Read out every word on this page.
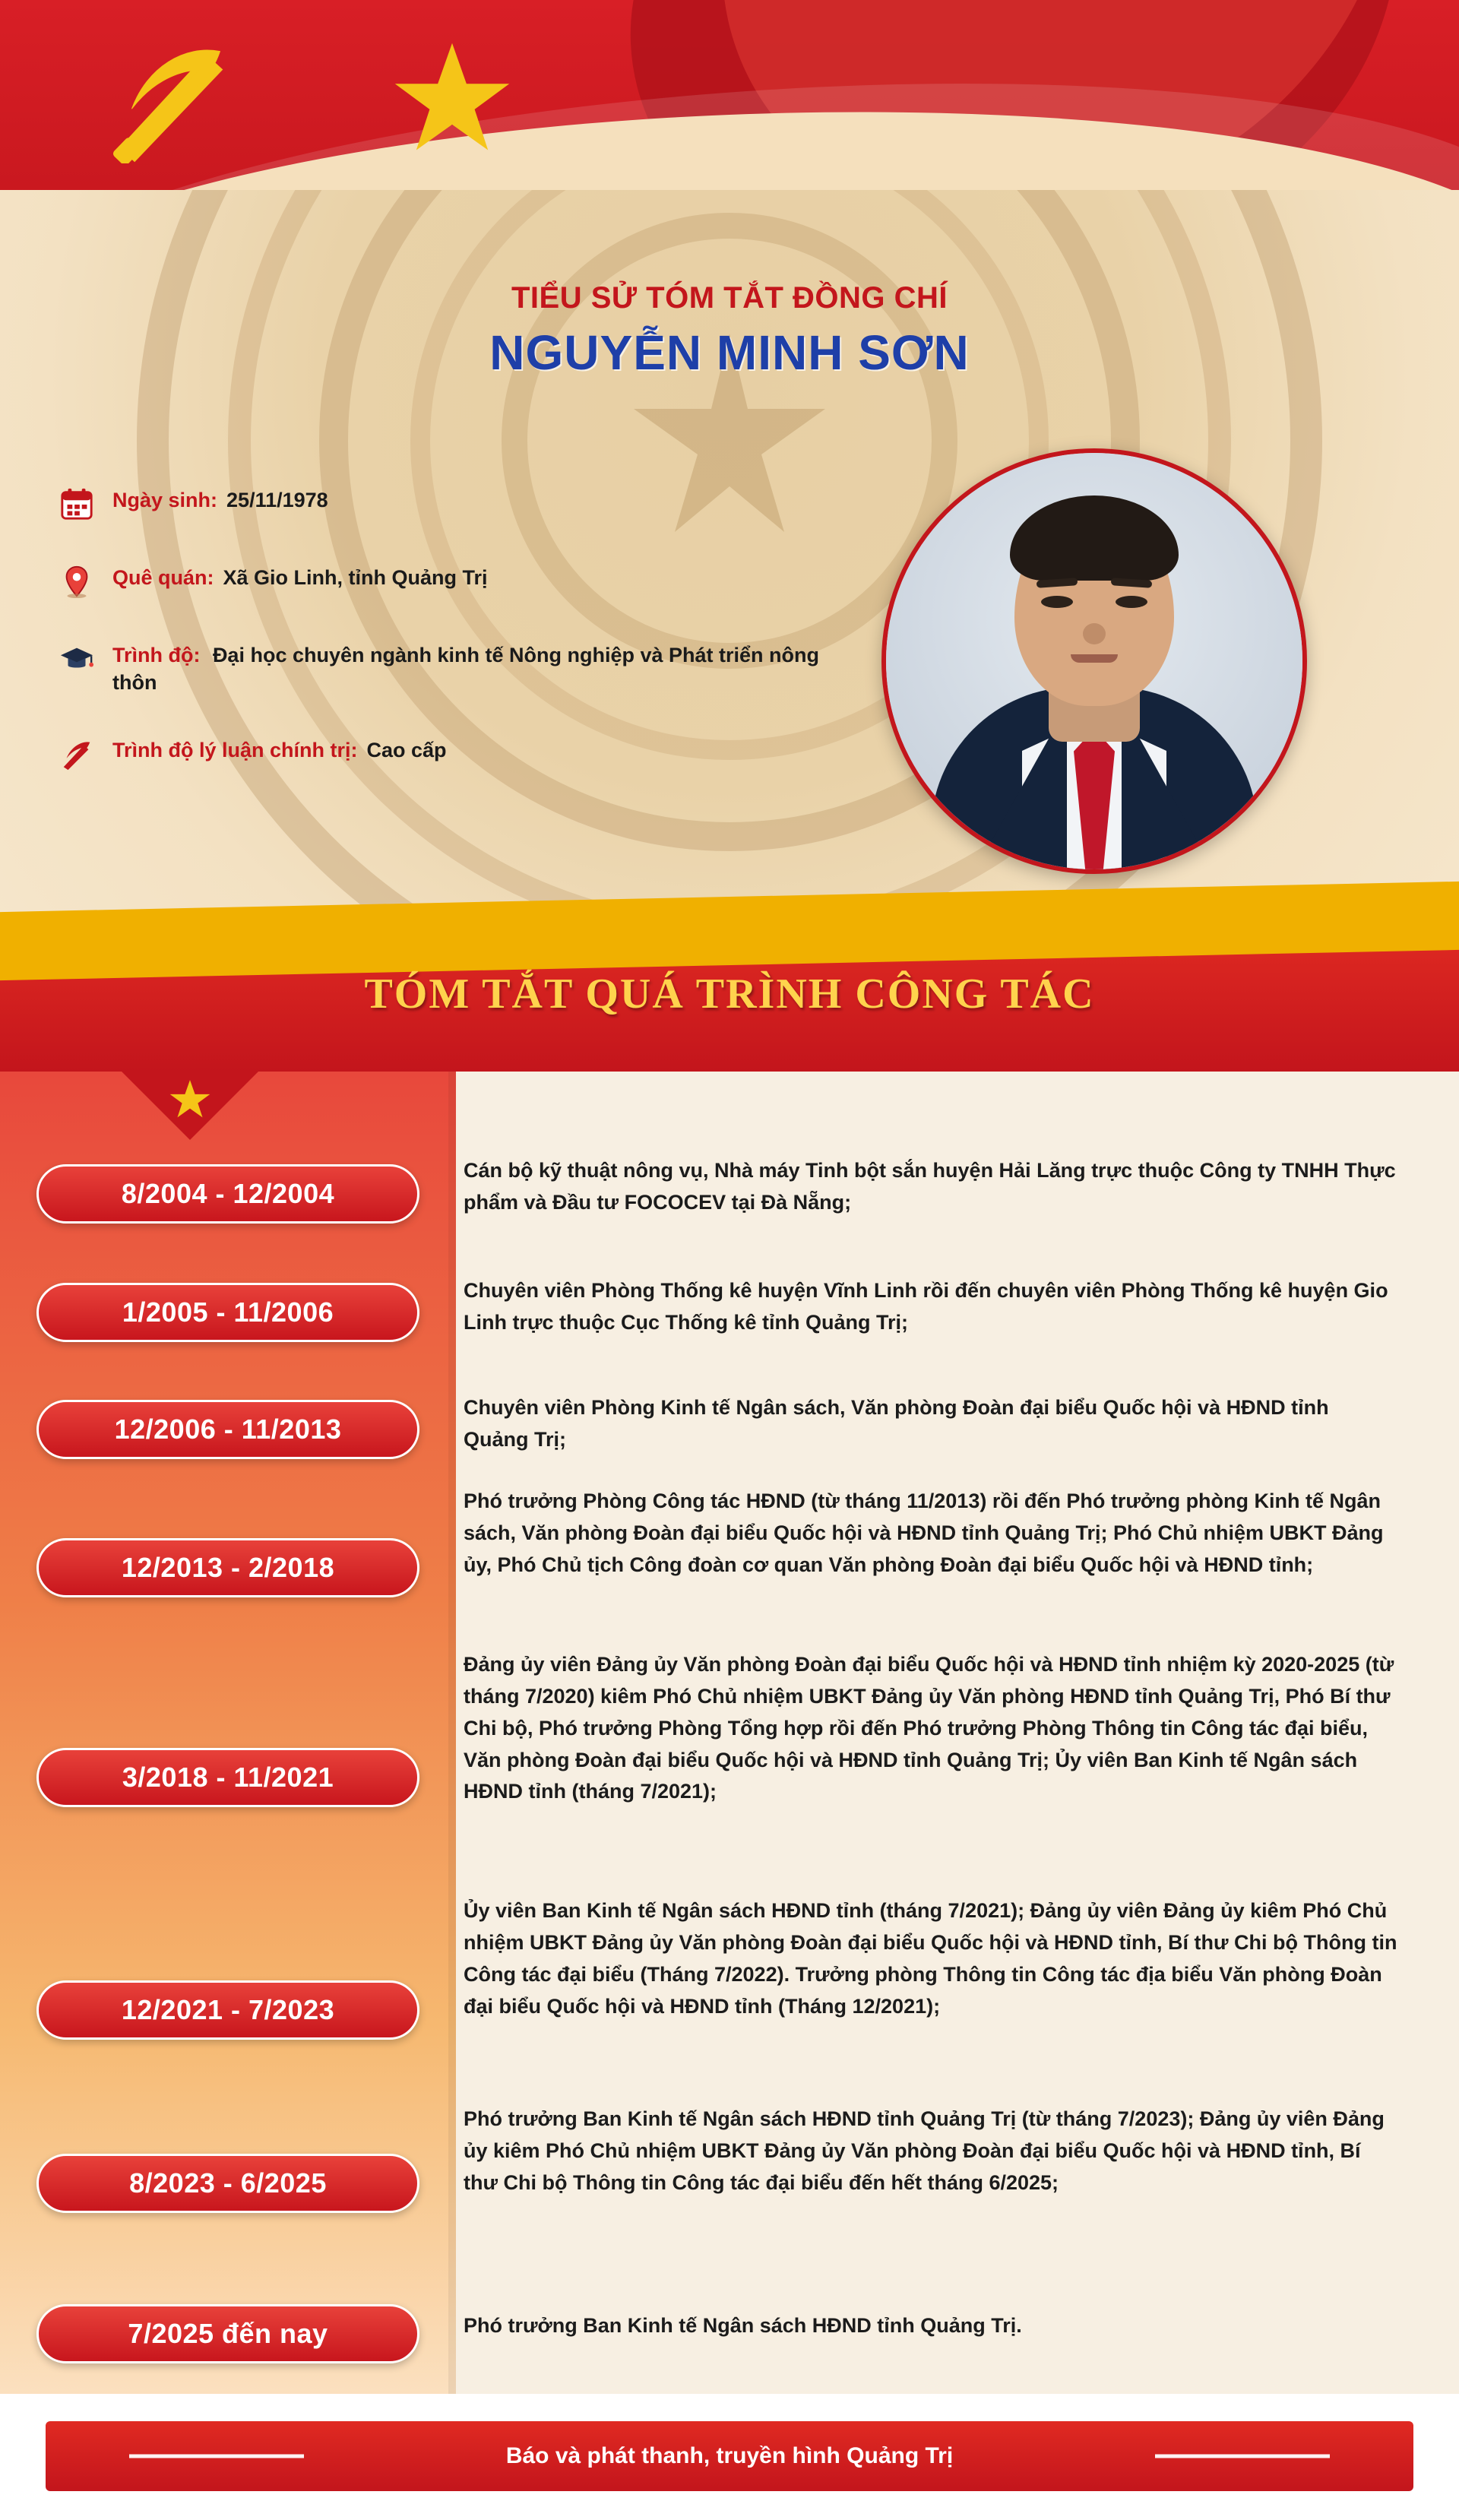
TIỂU SỬ TÓM TẮT ĐỒNG CHÍ
NGUYỄN MINH SƠN
Ngày sinh: 25/11/1978
Quê quán: Xã Gio Linh, tỉnh Quảng Trị
Trình độ: Đại học chuyên ngành kinh tế Nông nghiệp và Phát triển nông thôn
Trình độ lý luận chính trị: Cao cấp
TÓM TẮT QUÁ TRÌNH CÔNG TÁC
8/2004 - 12/2004
Cán bộ kỹ thuật nông vụ, Nhà máy Tinh bột sắn huyện Hải Lăng trực thuộc Công ty TNHH Thực phẩm và Đầu tư FOCOCEV tại Đà Nẵng;
1/2005 - 11/2006
Chuyên viên Phòng Thống kê huyện Vĩnh Linh rồi đến chuyên viên Phòng Thống kê huyện Gio Linh trực thuộc Cục Thống kê tỉnh Quảng Trị;
12/2006 - 11/2013
Chuyên viên Phòng Kinh tế Ngân sách, Văn phòng Đoàn đại biểu Quốc hội và HĐND tỉnh Quảng Trị;
12/2013 - 2/2018
Phó trưởng Phòng Công tác HĐND (từ tháng 11/2013) rồi đến Phó trưởng phòng Kinh tế Ngân sách, Văn phòng Đoàn đại biểu Quốc hội và HĐND tỉnh Quảng Trị; Phó Chủ nhiệm UBKT Đảng ủy, Phó Chủ tịch Công đoàn cơ quan Văn phòng Đoàn đại biểu Quốc hội và HĐND tỉnh;
3/2018 - 11/2021
Đảng ủy viên Đảng ủy Văn phòng Đoàn đại biểu Quốc hội và HĐND tỉnh nhiệm kỳ 2020-2025 (từ tháng 7/2020) kiêm Phó Chủ nhiệm UBKT Đảng ủy Văn phòng HĐND tỉnh Quảng Trị, Phó Bí thư Chi bộ, Phó trưởng Phòng Tổng hợp rồi đến Phó trưởng Phòng Thông tin Công tác đại biểu, Văn phòng Đoàn đại biểu Quốc hội và HĐND tỉnh Quảng Trị; Ủy viên Ban Kinh tế Ngân sách HĐND tỉnh (tháng 7/2021);
12/2021 - 7/2023
Ủy viên Ban Kinh tế Ngân sách HĐND tỉnh (tháng 7/2021); Đảng ủy viên Đảng ủy kiêm Phó Chủ nhiệm UBKT Đảng ủy Văn phòng Đoàn đại biểu Quốc hội và HĐND tỉnh, Bí thư Chi bộ Thông tin Công tác đại biểu (Tháng 7/2022). Trưởng phòng Thông tin Công tác địa biểu Văn phòng Đoàn đại biểu Quốc hội và HĐND tỉnh (Tháng 12/2021);
8/2023 - 6/2025
Phó trưởng Ban Kinh tế Ngân sách HĐND tỉnh Quảng Trị (từ tháng 7/2023); Đảng ủy viên Đảng ủy kiêm Phó Chủ nhiệm UBKT Đảng ủy Văn phòng Đoàn đại biểu Quốc hội và HĐND tỉnh, Bí thư Chi bộ Thông tin Công tác đại biểu đến hết tháng 6/2025;
7/2025 đến nay	Phó trưởng Ban Kinh tế Ngân sách HĐND tỉnh Quảng Trị.
Báo và phát thanh, truyền hình Quảng Trị
